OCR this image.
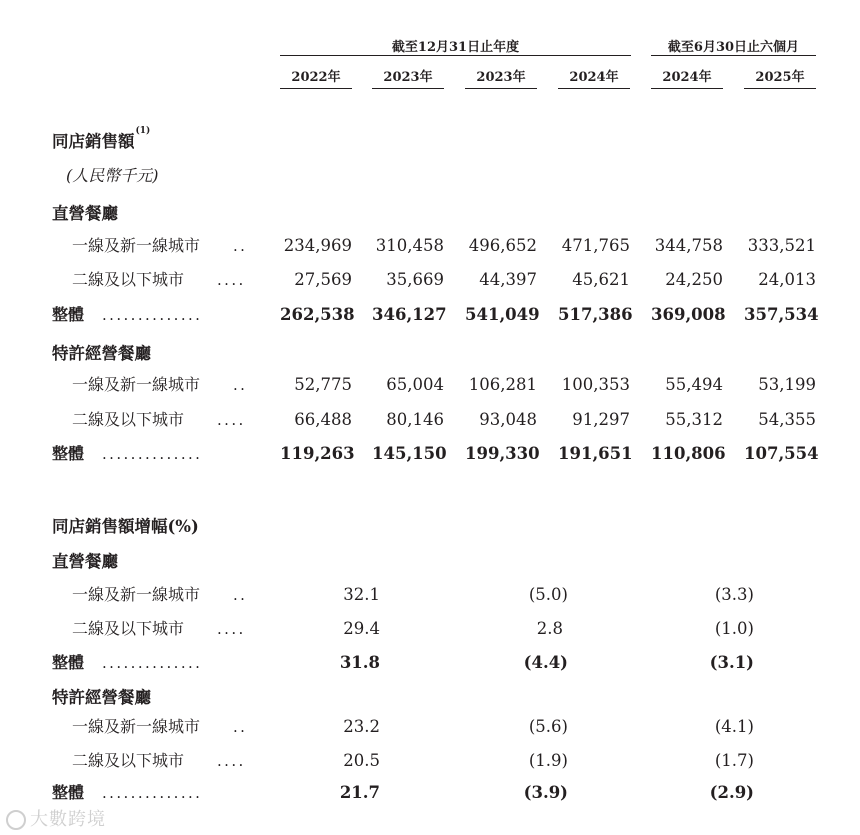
截至12月31日止年度	截至6月30日止六個月
2022年	2023年	2023年	2024年	2024年	2025年
同店銷售額$^{(1)}$
(人民幣千元)
直營餐廳
一線及新一線城市 .. 234,969 310,458 496,652 471,765 344,758 333,521
二線及以下城市 ....	27,569	35,669	44,397	45,621	24,250	24,013
整體 ..............	262,538 346,127 541,049 517,386 369,008 357,534
特許經營餐廳
一線及新一線城市 ..	52,775	65,004 106,281 100,353	55,494	53,199
二線及以下城市 ....	66,488	80,146	93,048	91,297	55,312	54,355
整體 ..............	119,263 145,150 199,330 191,651 110,806 107,554
同店銷售額增幅(%)
直營餐廳
一線及新一線城市 ..	32.1	(5.0)	(3.3)
二線及以下城市 ....	29.4	2.8	(1.0)
整體 ..............	31.8	(4.4)	(3.1)
特許經營餐廳
一線及新一線城市 ..	23.2	(5.6)	(4.1)
二線及以下城市 ....	20.5	(1.9)	(1.7)
整體 ..............	21.7	(3.9)	(2.9)
大數跨境
